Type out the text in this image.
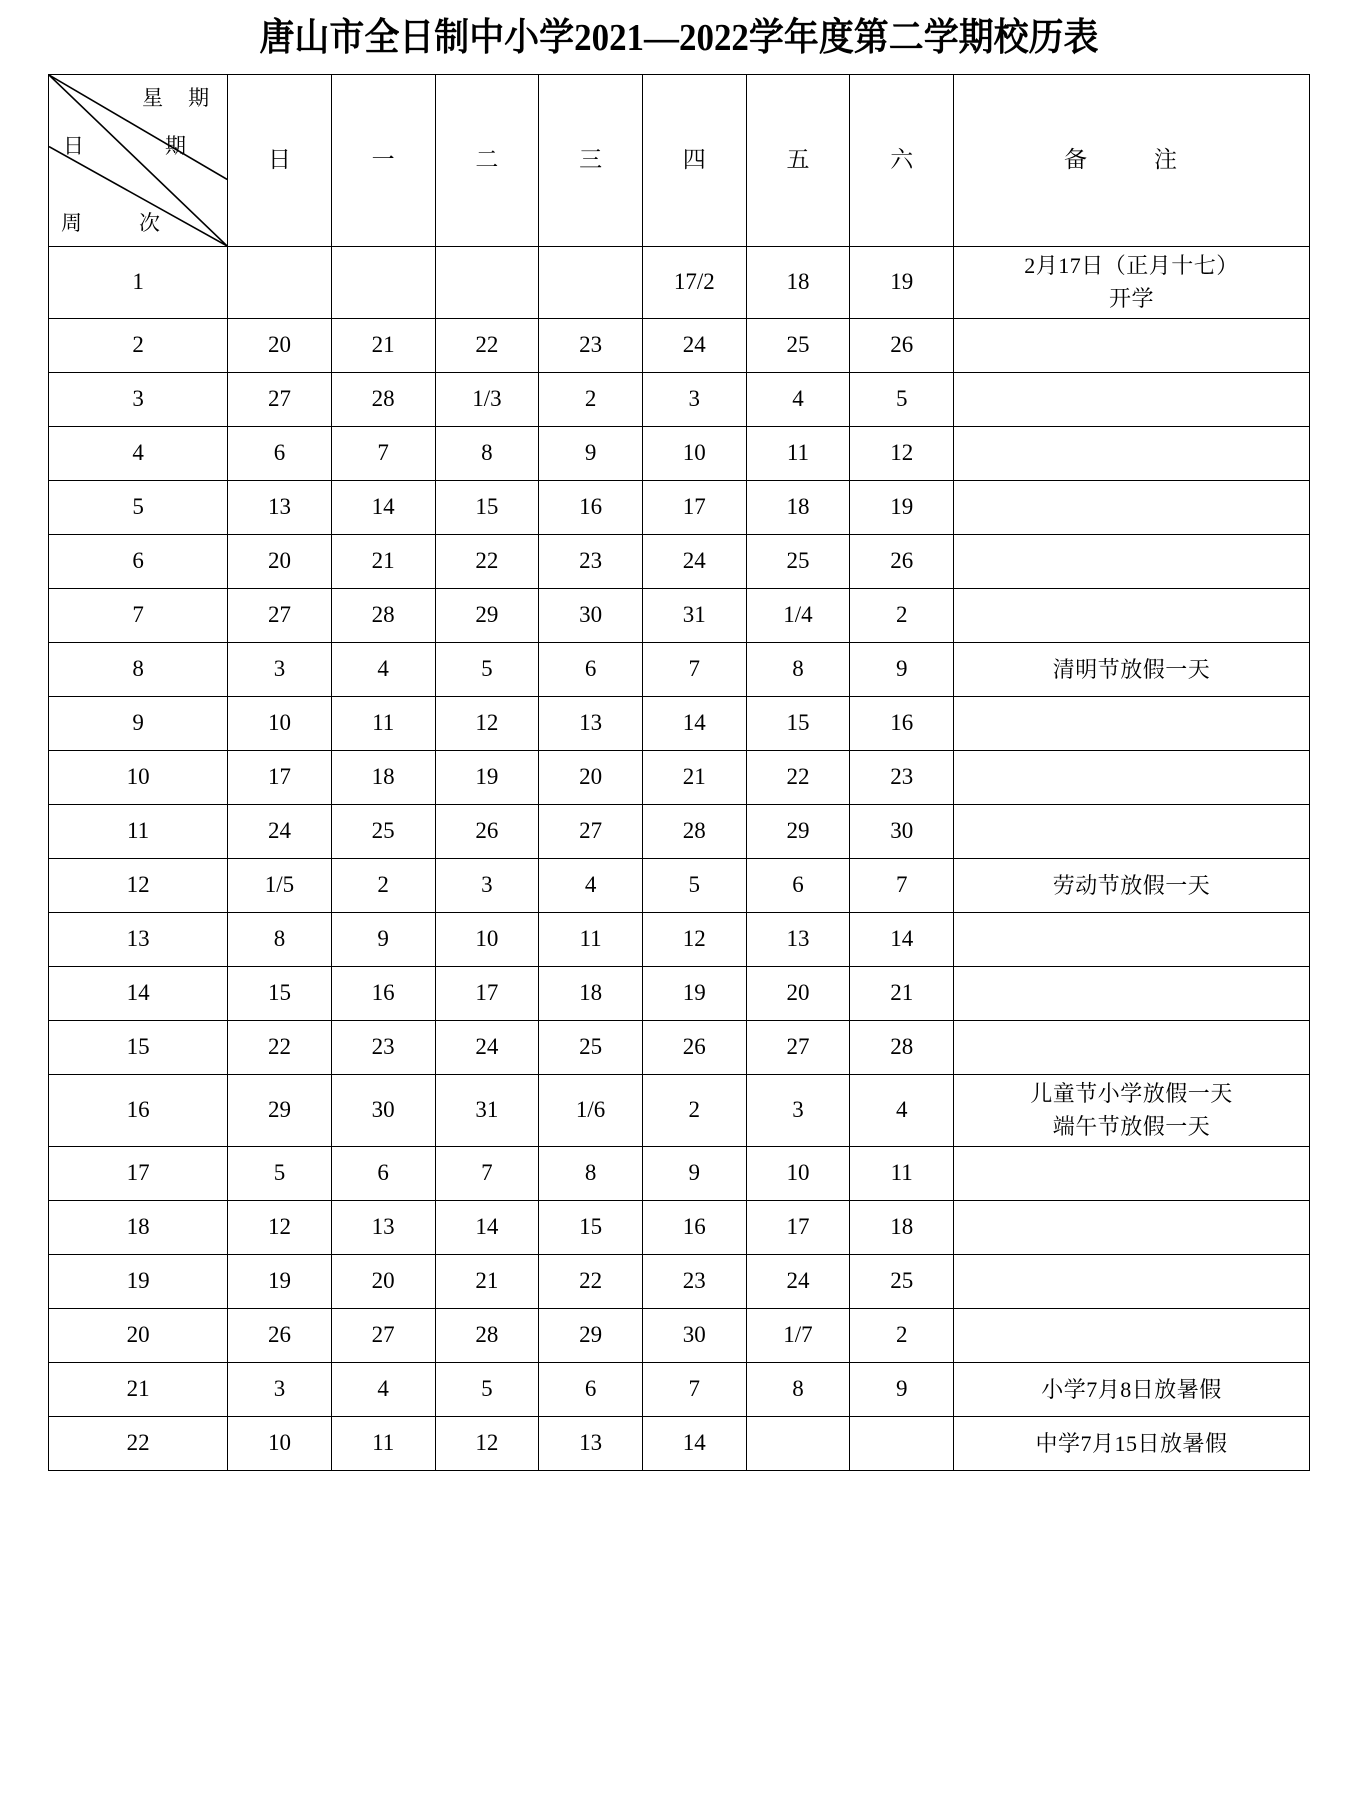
唐山市全日制中小学2021—2022学年度第二学期校历表
星　期
日　期
周　次	日	一	二	三	四	五	六	备　注
1					17/2	18	19	2月17日（正月十七）
开学

2	20	21	22	23	24	25	26	
3	27	28	1/3	2	3	4	5	
4	6	7	8	9	10	11	12	
5	13	14	15	16	17	18	19	
6	20	21	22	23	24	25	26	
7	27	28	29	30	31	1/4	2	
8	3	4	5	6	7	8	9	清明节放假一天

9	10	11	12	13	14	15	16	
10	17	18	19	20	21	22	23	
11	24	25	26	27	28	29	30	
12	1/5	2	3	4	5	6	7	劳动节放假一天

13	8	9	10	11	12	13	14	
14	15	16	17	18	19	20	21	
15	22	23	24	25	26	27	28	
16	29	30	31	1/6	2	3	4	儿童节小学放假一天
端午节放假一天

17	5	6	7	8	9	10	11	
18	12	13	14	15	16	17	18	
19	19	20	21	22	23	24	25	
20	26	27	28	29	30	1/7	2	
21	3	4	5	6	7	8	9	小学7月8日放暑假

22	10	11	12	13	14			中学7月15日放暑假
